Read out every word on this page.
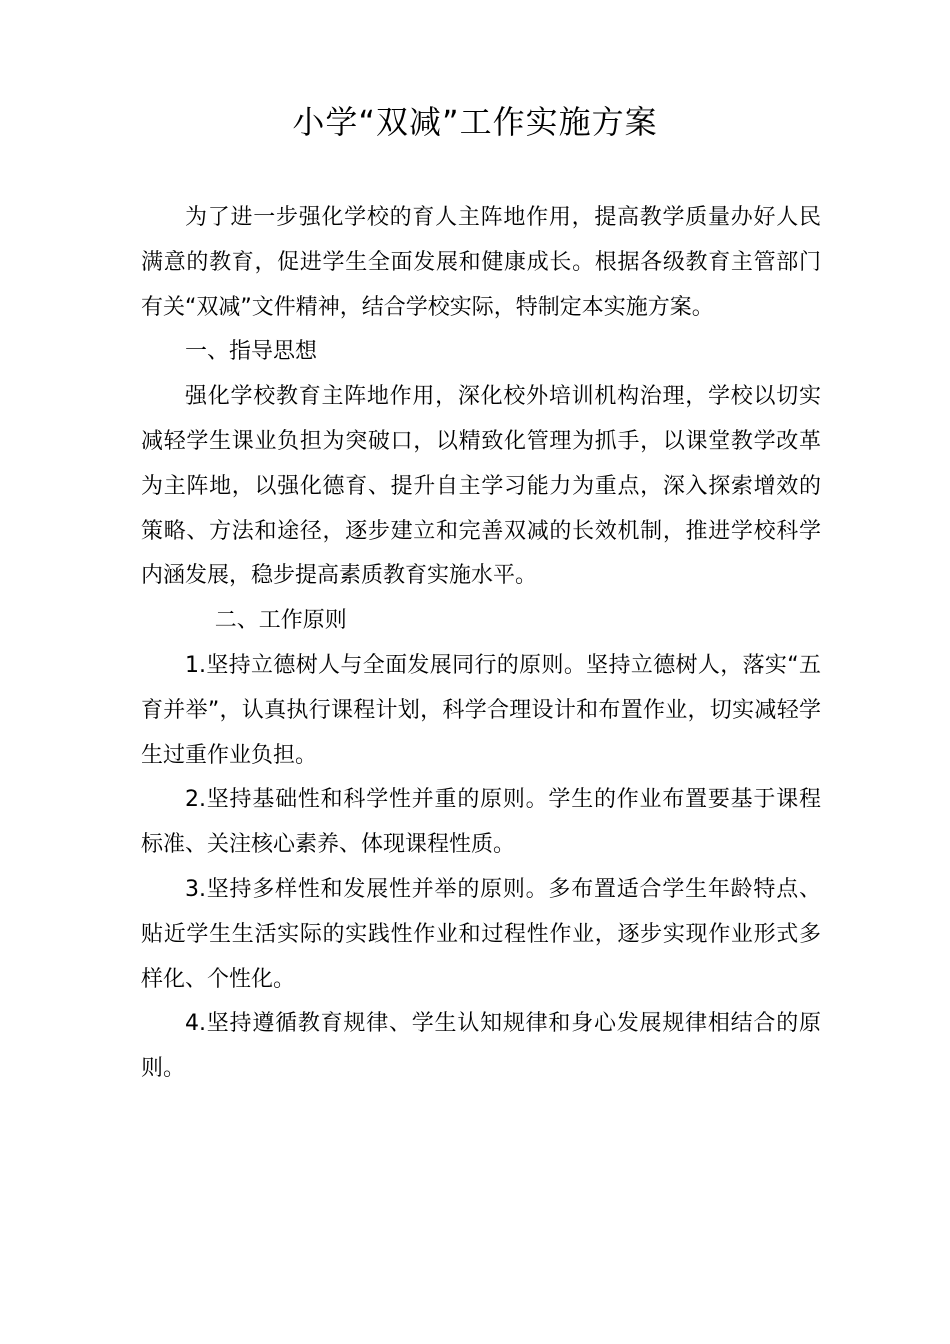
小学“双减”工作实施方案

为了进一步强化学校的育人主阵地作用，提高教学质量办好人民满意的教育，促进学生全面发展和健康成长。根据各级教育主管部门有关“双减”文件精神，结合学校实际，特制定本实施方案。

一、指导思想

强化学校教育主阵地作用，深化校外培训机构治理，学校以切实减轻学生课业负担为突破口，以精致化管理为抓手，以课堂教学改革为主阵地，以强化德育、提升自主学习能力为重点，深入探索增效的策略、方法和途径，逐步建立和完善双减的长效机制，推进学校科学内涵发展，稳步提高素质教育实施水平。

二、工作原则

1.坚持立德树人与全面发展同行的原则。坚持立德树人，落实“五育并举”，认真执行课程计划，科学合理设计和布置作业，切实减轻学生过重作业负担。

2.坚持基础性和科学性并重的原则。学生的作业布置要基于课程标准、关注核心素养、体现课程性质。

3.坚持多样性和发展性并举的原则。多布置适合学生年龄特点、贴近学生生活实际的实践性作业和过程性作业，逐步实现作业形式多样化、个性化。

4.坚持遵循教育规律、学生认知规律和身心发展规律相结合的原则。
